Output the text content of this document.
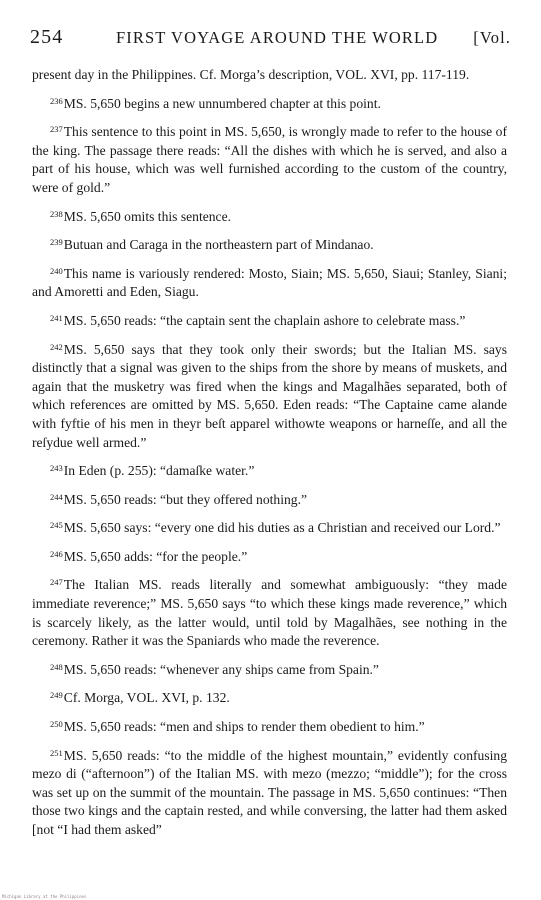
254	FIRST VOYAGE AROUND THE WORLD [Vol.

present day in the Philippines. Cf. Morga’s description, VOL. XVI, pp. 117-119.

$^{236}$MS. 5,650 begins a new unnumbered chapter at this point.

$^{237}$This sentence to this point in MS. 5,650, is wrongly made to refer to the house of the king. The passage there reads: “All the dishes with which he is served, and also a part of his house, which was well furnished according to the custom of the country, were of gold.”

$^{238}$MS. 5,650 omits this sentence.

$^{239}$Butuan and Caraga in the northeastern part of Mindanao.

$^{240}$This name is variously rendered: Mosto, Siain; MS. 5,650, Siaui; Stanley, Siani; and Amoretti and Eden, Siagu.

$^{241}$MS. 5,650 reads: “the captain sent the chaplain ashore to celebrate mass.”

$^{242}$MS. 5,650 says that they took only their swords; but the Italian MS. says distinctly that a signal was given to the ships from the shore by means of muskets, and again that the musketry was fired when the kings and Magalhães separated, both of which references are omitted by MS. 5,650. Eden reads: “The Captaine came alande with fyftie of his men in theyr beſt apparel withowte weapons or harneſſe, and all the reſydue well armed.”

$^{243}$In Eden (p. 255): “damaſke water.”

$^{244}$MS. 5,650 reads: “but they offered nothing.”

$^{245}$MS. 5,650 says: “every one did his duties as a Christian and received our Lord.”

$^{246}$MS. 5,650 adds: “for the people.”

$^{247}$The Italian MS. reads literally and somewhat ambiguously: “they made immediate reverence;” MS. 5,650 says “to which these kings made reverence,” which is scarcely likely, as the latter would, until told by Magalhães, see nothing in the ceremony. Rather it was the Spaniards who made the reverence.

$^{248}$MS. 5,650 reads: “whenever any ships came from Spain.”

$^{249}$Cf. Morga, VOL. XVI, p. 132.

$^{250}$MS. 5,650 reads: “men and ships to render them obedient to him.”

$^{251}$MS. 5,650 reads: “to the middle of the highest mountain,” evidently confusing mezo di (“afternoon”) of the Italian MS. with mezo (mezzo; “middle”); for the cross was set up on the summit of the mountain. The passage in MS. 5,650 continues: “Then those two kings and the captain rested, and while conversing, the latter had them asked [not “I had them asked”

Michigan Library at the Philippines
